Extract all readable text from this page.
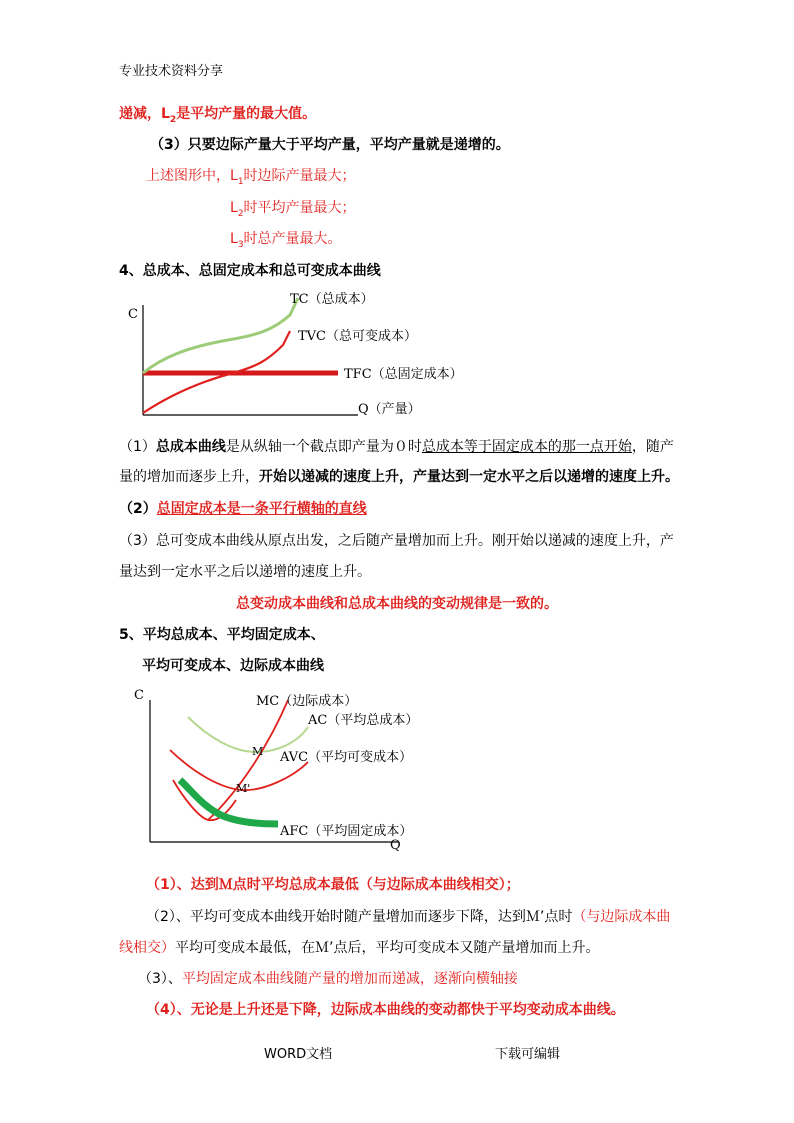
专业技术资料分享
递减，$L_2$是平均产量的最大值。
（3）只要边际产量大于平均产量，平均产量就是递增的。
上述图形中，$L_1$时边际产量最大；
$L_2$时平均产量最大；
$L_3$时总产量最大。
4、总成本、总固定成本和总可变成本曲线
C
TC（总成本）
TVC（总可变成本）
TFC（总固定成本）
Q（产量）
（1）总成本曲线是从纵轴一个截点即产量为０时总成本等于固定成本的那一点开始，随产
量的增加而逐步上升，开始以递减的速度上升，产量达到一定水平之后以递增的速度上升。
（2）总固定成本是一条平行横轴的直线
（3）总可变成本曲线从原点出发，之后随产量增加而上升。刚开始以递减的速度上升，产
量达到一定水平之后以递增的速度上升。
总变动成本曲线和总成本曲线的变动规律是一致的。
5、平均总成本、平均固定成本、
平均可变成本、边际成本曲线
C
Q
MC（边际成本）
AC（平均总成本）
M AVC（平均可变成本）
M'
AFC（平均固定成本）
（1）、达到Ｍ点时平均总成本最低（与边际成本曲线相交）；
（2）、平均可变成本曲线开始时随产量增加而逐步下降，达到Ｍ’点时（与边际成本曲
线相交）平均可变成本最低，在Ｍ’点后，平均可变成本又随产量增加而上升。
（3）、平均固定成本曲线随产量的增加而递减，逐渐向横轴接
（4）、无论是上升还是下降，边际成本曲线的变动都快于平均变动成本曲线。
WORD文档	下载可编辑
